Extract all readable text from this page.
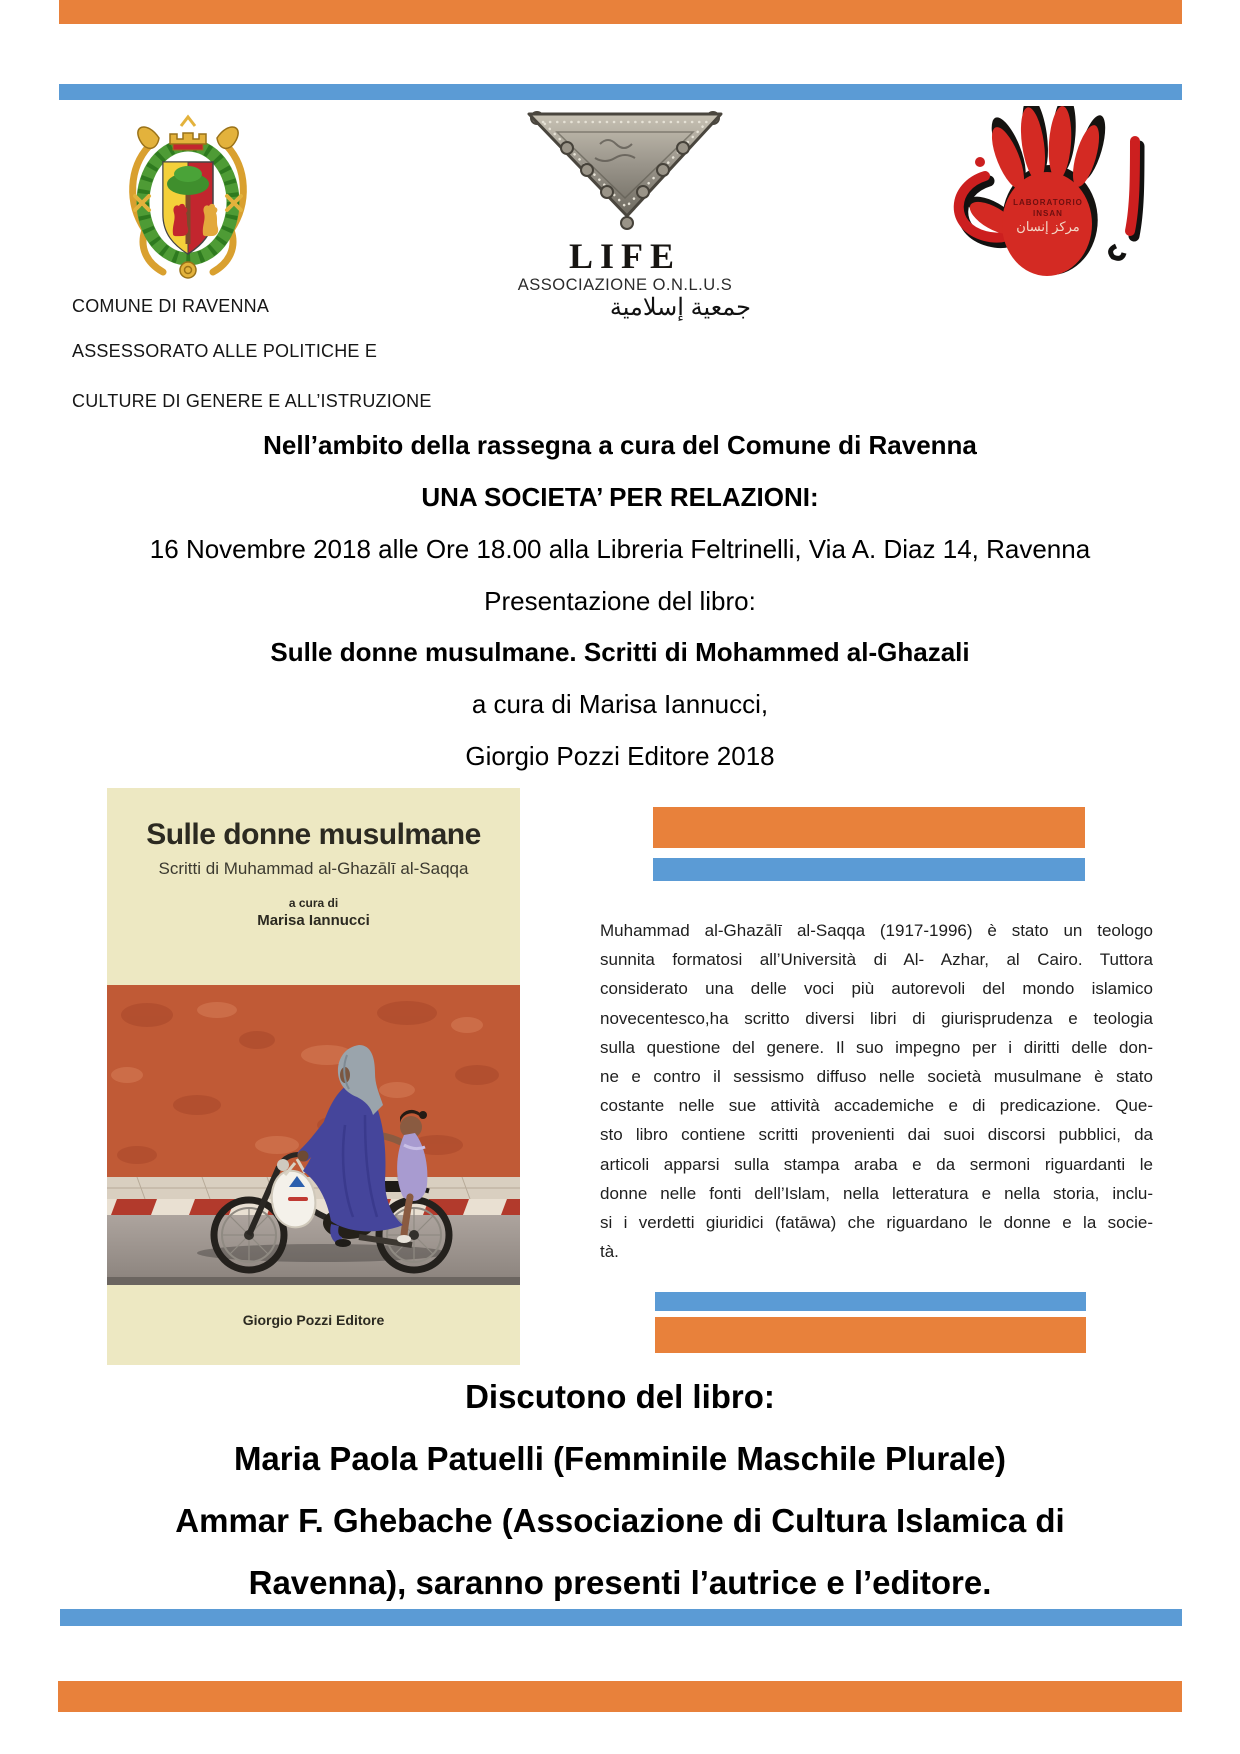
LIFE
ASSOCIAZIONE O.N.L.U.S
جمعية إسلامية
LABORATORIO
INSAN
مركز إنسان
COMUNE DI RAVENNA
ASSESSORATO ALLE POLITICHE E
CULTURE DI GENERE E ALL’ISTRUZIONE
Nell’ambito della rassegna a cura del Comune di Ravenna
UNA SOCIETA’ PER RELAZIONI:
16 Novembre 2018 alle Ore 18.00 alla Libreria Feltrinelli, Via A. Diaz 14, Ravenna
Presentazione del libro:
Sulle donne musulmane. Scritti di Mohammed al-Ghazali
a cura di Marisa Iannucci,
Giorgio Pozzi Editore 2018
Sulle donne musulmane
Scritti di Muhammad al-Ghazālī al-Saqqa
a cura di
Marisa Iannucci
Giorgio Pozzi Editore
Muhammad al-Ghazālī al-Saqqa (1917-1996) è stato un teologo
sunnita formatosi all’Università di Al- Azhar, al Cairo. Tuttora
considerato una delle voci più autorevoli del mondo islamico
novecentesco,ha scritto diversi libri di giurisprudenza e teologia
sulla questione del genere. Il suo impegno per i diritti delle don-
ne e contro il sessismo diffuso nelle società musulmane è stato
costante nelle sue attività accademiche e di predicazione. Que-
sto libro contiene scritti provenienti dai suoi discorsi pubblici, da
articoli apparsi sulla stampa araba e da sermoni riguardanti le
donne nelle fonti dell’Islam, nella letteratura e nella storia, inclu-
si i verdetti giuridici (fatāwa) che riguardano le donne e la socie-
tà.
Discutono del libro:
Maria Paola Patuelli (Femminile Maschile Plurale)
Ammar F. Ghebache (Associazione di Cultura Islamica di
Ravenna), saranno presenti l’autrice e l’editore.
